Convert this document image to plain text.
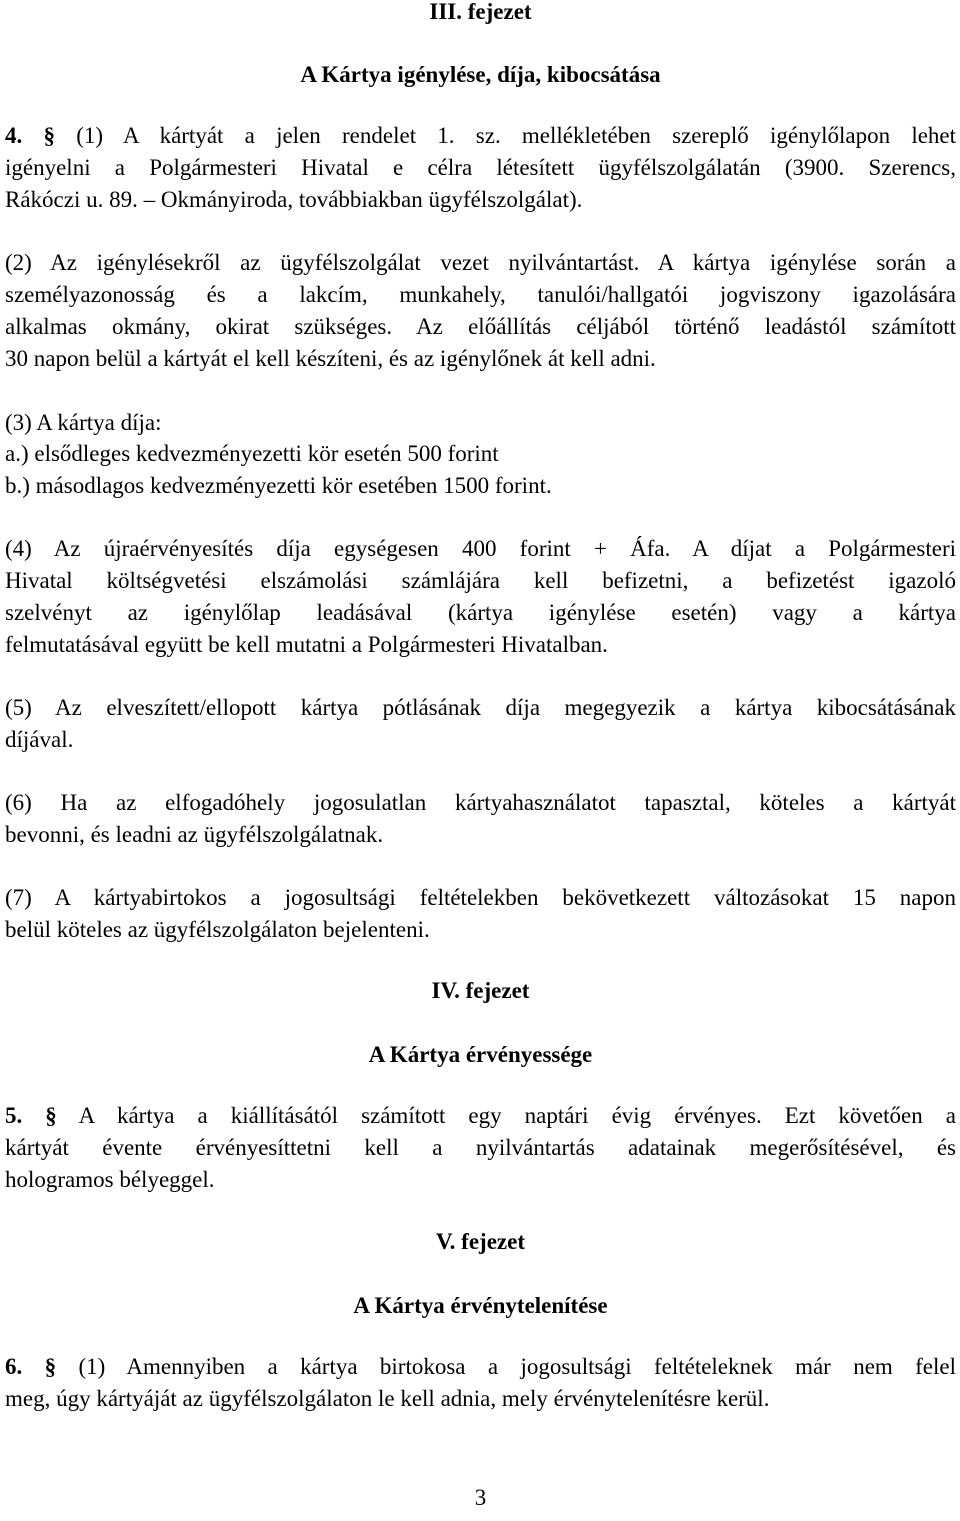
III. fejezet
A Kártya igénylése, díja, kibocsátása
4. § (1) A kártyát a jelen rendelet 1. sz. mellékletében szereplő igénylőlapon lehet
igényelni a Polgármesteri Hivatal e célra létesített ügyfélszolgálatán (3900. Szerencs,
Rákóczi u. 89. – Okmányiroda, továbbiakban ügyfélszolgálat).
(2) Az igénylésekről az ügyfélszolgálat vezet nyilvántartást. A kártya igénylése során a
személyazonosság és a lakcím, munkahely, tanulói/hallgatói jogviszony igazolására
alkalmas okmány, okirat szükséges. Az előállítás céljából történő leadástól számított
30 napon belül a kártyát el kell készíteni, és az igénylőnek át kell adni.
(3) A kártya díja:
a.) elsődleges kedvezményezetti kör esetén 500 forint
b.) másodlagos kedvezményezetti kör esetében 1500 forint.
(4) Az újraérvényesítés díja egységesen 400 forint + Áfa. A díjat a Polgármesteri
Hivatal költségvetési elszámolási számlájára kell befizetni, a befizetést igazoló
szelvényt az igénylőlap leadásával (kártya igénylése esetén) vagy a kártya
felmutatásával együtt be kell mutatni a Polgármesteri Hivatalban.
(5) Az elveszített/ellopott kártya pótlásának díja megegyezik a kártya kibocsátásának
díjával.
(6) Ha az elfogadóhely jogosulatlan kártyahasználatot tapasztal, köteles a kártyát
bevonni, és leadni az ügyfélszolgálatnak.
(7) A kártyabirtokos a jogosultsági feltételekben bekövetkezett változásokat 15 napon
belül köteles az ügyfélszolgálaton bejelenteni.
IV. fejezet
A Kártya érvényessége
5. § A kártya a kiállításától számított egy naptári évig érvényes. Ezt követően a
kártyát évente érvényesíttetni kell a nyilvántartás adatainak megerősítésével, és
hologramos bélyeggel.
V. fejezet
A Kártya érvénytelenítése
6. § (1) Amennyiben a kártya birtokosa a jogosultsági feltételeknek már nem felel
meg, úgy kártyáját az ügyfélszolgálaton le kell adnia, mely érvénytelenítésre kerül.
3
